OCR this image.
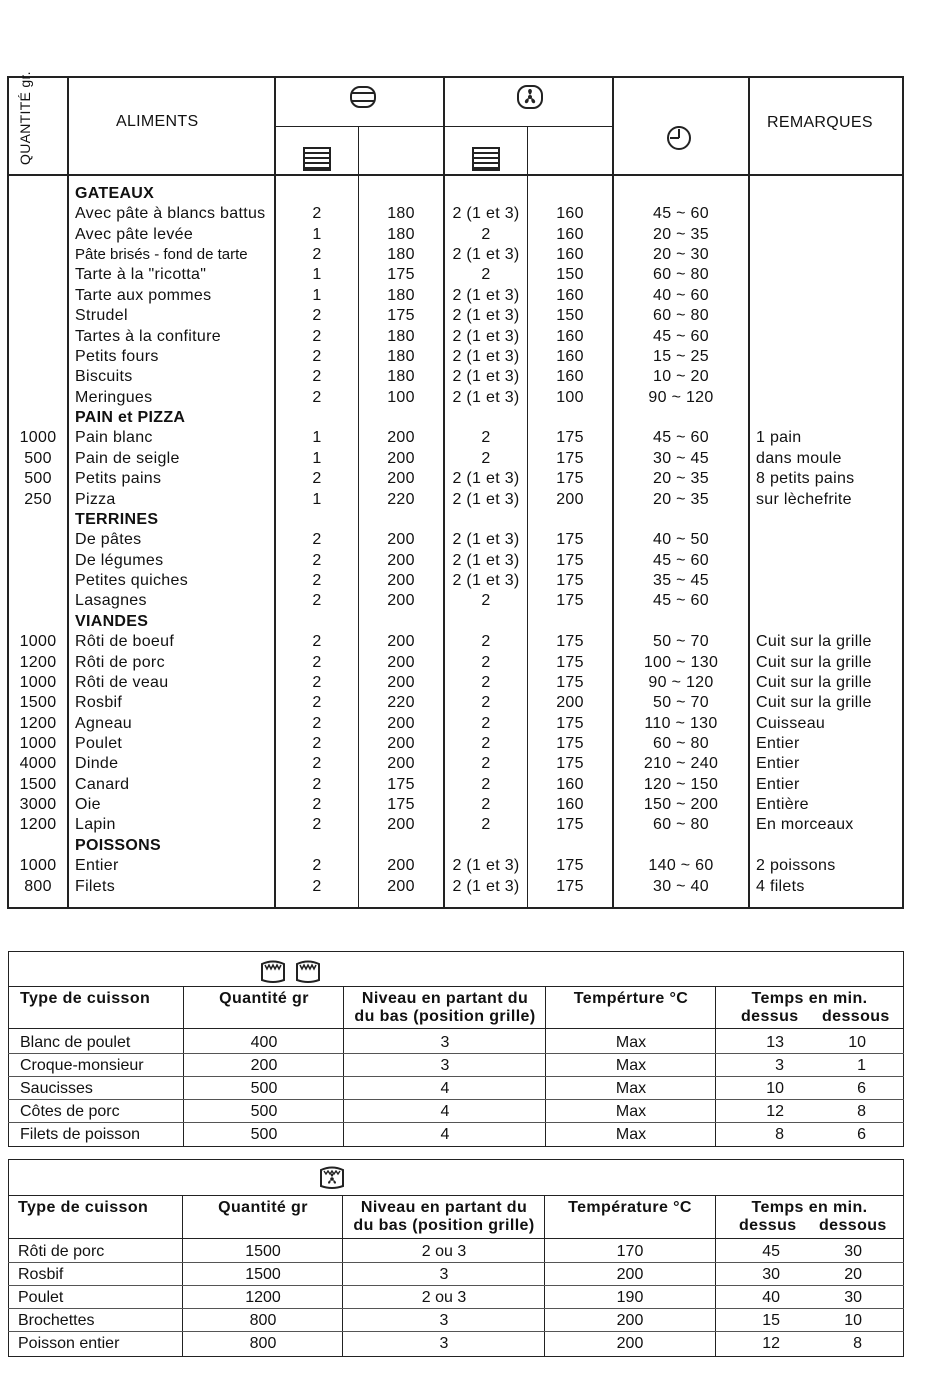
QUANTITÉ gr.	ALIMENTS	REMARQUES
GATEAUX
Avec pâte à blancs battus	2	180	2 (1 et 3)	160	45 ~ 60
Avec pâte levée	1	180	2	160	20 ~ 35
Pâte brisés - fond de tarte	2	180	2 (1 et 3)	160	20 ~ 30
Tarte à la "ricotta"	1	175	2	150	60 ~ 80
Tarte aux pommes	1	180	2 (1 et 3)	160	40 ~ 60
Strudel	2	175	2 (1 et 3)	150	60 ~ 80
Tartes à la confiture	2	180	2 (1 et 3)	160	45 ~ 60
Petits fours	2	180	2 (1 et 3)	160	15 ~ 25
Biscuits	2	180	2 (1 et 3)	160	10 ~ 20
Meringues	2	100	2 (1 et 3)	100	90 ~ 120
PAIN et PIZZA
1000	Pain blanc	1	200	2	175	45 ~ 60	1 pain
500	Pain de seigle	1	200	2	175	30 ~ 45	dans moule
500	Petits pains	2	200	2 (1 et 3)	175	20 ~ 35	8 petits pains
250	Pizza	1	220	2 (1 et 3)	200	20 ~ 35	sur lèchefrite
TERRINES
De pâtes	2	200	2 (1 et 3)	175	40 ~ 50
De légumes	2	200	2 (1 et 3)	175	45 ~ 60
Petites quiches	2	200	2 (1 et 3)	175	35 ~ 45
Lasagnes	2	200	2	175	45 ~ 60
VIANDES
1000	Rôti de boeuf	2	200	2	175	50 ~ 70	Cuit sur la grille
1200	Rôti de porc	2	200	2	175	100 ~ 130	Cuit sur la grille
1000	Rôti de veau	2	200	2	175	90 ~ 120	Cuit sur la grille
1500	Rosbif	2	220	2	200	50 ~ 70	Cuit sur la grille
1200	Agneau	2	200	2	175	110 ~ 130	Cuisseau
1000	Poulet	2	200	2	175	60 ~ 80	Entier
4000	Dinde	2	200	2	175	210 ~ 240	Entier
1500	Canard	2	175	2	160	120 ~ 150	Entier
3000	Oie	2	175	2	160	150 ~ 200	Entière
1200	Lapin	2	200	2	175	60 ~ 80	En morceaux
POISSONS
1000	Entier	2	200	2 (1 et 3)	175	140 ~ 60	2 poissons
800	Filets	2	200	2 (1 et 3)	175	30 ~ 40	4 filets
Type de cuisson	Quantité gr	Niveau en partant du
du bas (position grille)
Tempérture °C	Temps en min.
dessus dessous
Blanc de poulet	400	3	Max	13	10
Croque-monsieur	200	3	Max	3	1
Saucisses	500	4	Max	10	6
Côtes de porc	500	4	Max	12	8
Filets de poisson	500	4	Max	8	6
Type de cuisson	Quantité gr	Niveau en partant du
du bas (position grille)
Température °C	Temps en min.
dessus dessous
Rôti de porc	1500	2 ou 3	170	45	30
Rosbif	1500	3	200	30	20
Poulet	1200	2 ou 3	190	40	30
Brochettes	800	3	200	15	10
Poisson entier	800	3	200	12	8
